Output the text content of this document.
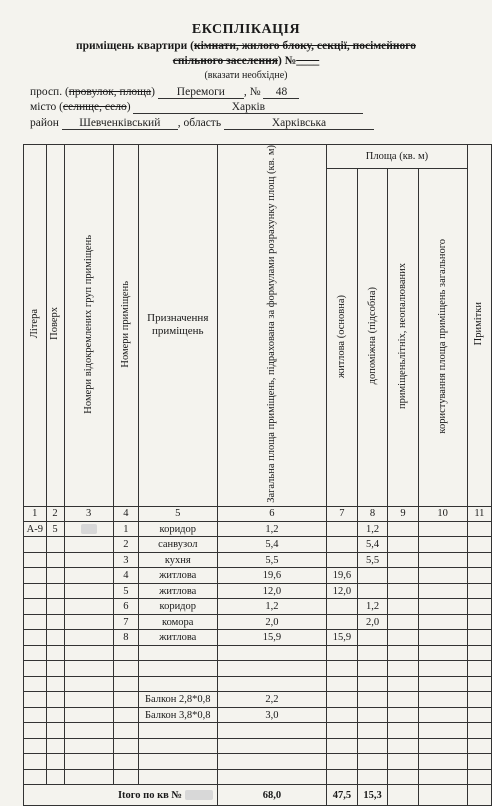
ЕКСПЛІКАЦІЯ
приміщень квартири (кімнати, жилого блоку, секції, посімейного
спільного заселення) №____
(вказати необхідне)
просп. (провулок, площа) Перемоги , № 48
місто (селище, село)	Харків
район Шевченківський , область	Харківська
Літера	Поверх	Номери відокремлених груп приміщень	Номери приміщень	Призначення приміщень	Загальна площа приміщень, підрахована за формулами розрахунку площ (кв. м)	Площа (кв. м)				Примітки
						житлова (основна)	допоміжна (підсобна)	приміщеньлітніх, неопалюваних	користування площа приміщень загального	
1	2	3	4	5	6	7	8	9	10	11
А-9	5		1	коридор	1,2		1,2			
			2	санвузол	5,4		5,4			
			3	кухня	5,5		5,5			
			4	житлова	19,6	19,6				
			5	житлова	12,0	12,0				
			6	коридор	1,2		1,2			
			7	комора	2,0		2,0			
			8	житлова	15,9	15,9				

				Балкон 2,8*0,8	2,2					
				Балкон 3,8*0,8	3,0					

Itого по кв №					68,0	47,5	15,3			
